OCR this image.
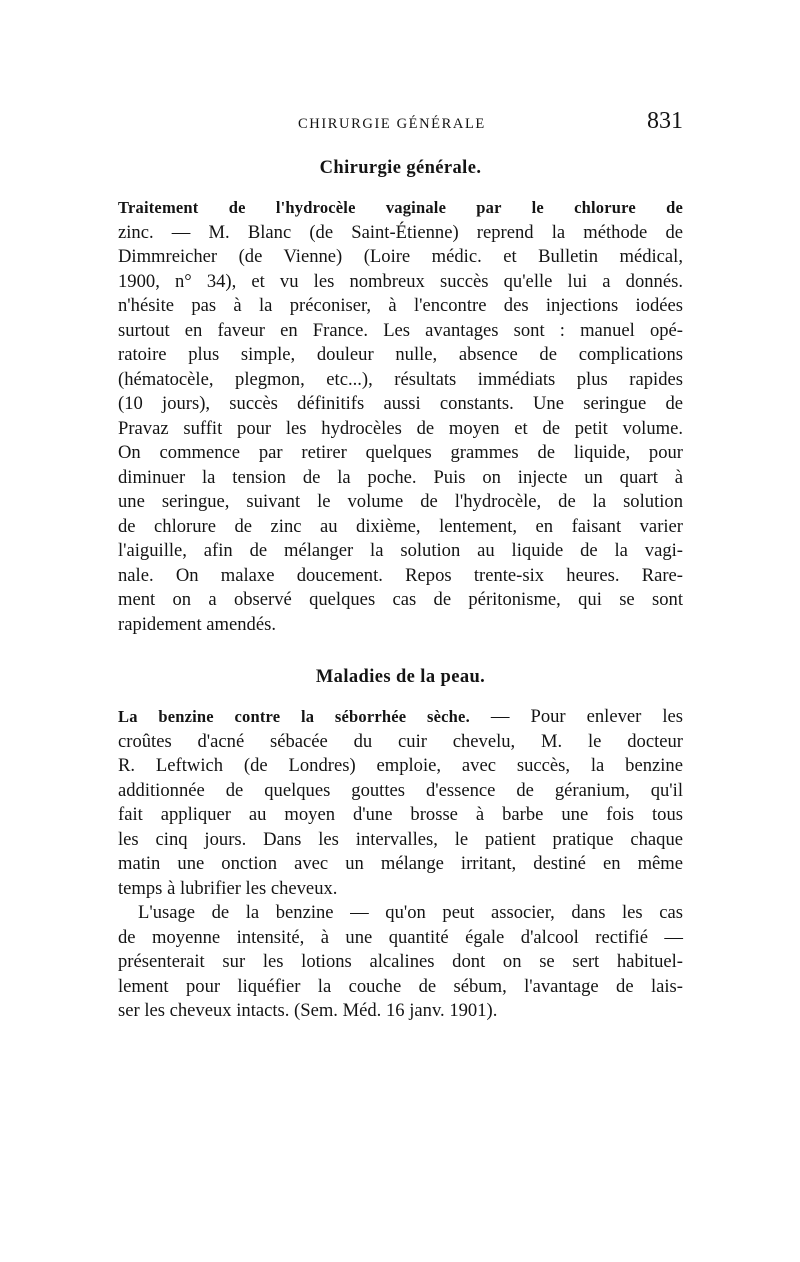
CHIRURGIE GÉNÉRALE	831
Chirurgie générale.
Traitement de l'hydrocèle vaginale par le chlorure de
zinc. — M. Blanc (de Saint-Étienne) reprend la méthode de
Dimmreicher (de Vienne) (Loire médic. et Bulletin médical,
1900, n° 34), et vu les nombreux succès qu'elle lui a donnés.
n'hésite pas à la préconiser, à l'encontre des injections iodées
surtout en faveur en France. Les avantages sont : manuel opé-
ratoire plus simple, douleur nulle, absence de complications
(hématocèle, plegmon, etc...), résultats immédiats plus rapides
(10 jours), succès définitifs aussi constants. Une seringue de
Pravaz suffit pour les hydrocèles de moyen et de petit volume.
On commence par retirer quelques grammes de liquide, pour
diminuer la tension de la poche. Puis on injecte un quart à
une seringue, suivant le volume de l'hydrocèle, de la solution
de chlorure de zinc au dixième, lentement, en faisant varier
l'aiguille, afin de mélanger la solution au liquide de la vagi-
nale. On malaxe doucement. Repos trente-six heures. Rare-
ment on a observé quelques cas de péritonisme, qui se sont
rapidement amendés.
Maladies de la peau.
La benzine contre la séborrhée sèche. — Pour enlever les
croûtes d'acné sébacée du cuir chevelu, M. le docteur
R. Leftwich (de Londres) emploie, avec succès, la benzine
additionnée de quelques gouttes d'essence de géranium, qu'il
fait appliquer au moyen d'une brosse à barbe une fois tous
les cinq jours. Dans les intervalles, le patient pratique chaque
matin une onction avec un mélange irritant, destiné en même
temps à lubrifier les cheveux.
L'usage de la benzine — qu'on peut associer, dans les cas
de moyenne intensité, à une quantité égale d'alcool rectifié —
présenterait sur les lotions alcalines dont on se sert habituel-
lement pour liquéfier la couche de sébum, l'avantage de lais-
ser les cheveux intacts. (Sem. Méd. 16 janv. 1901).
